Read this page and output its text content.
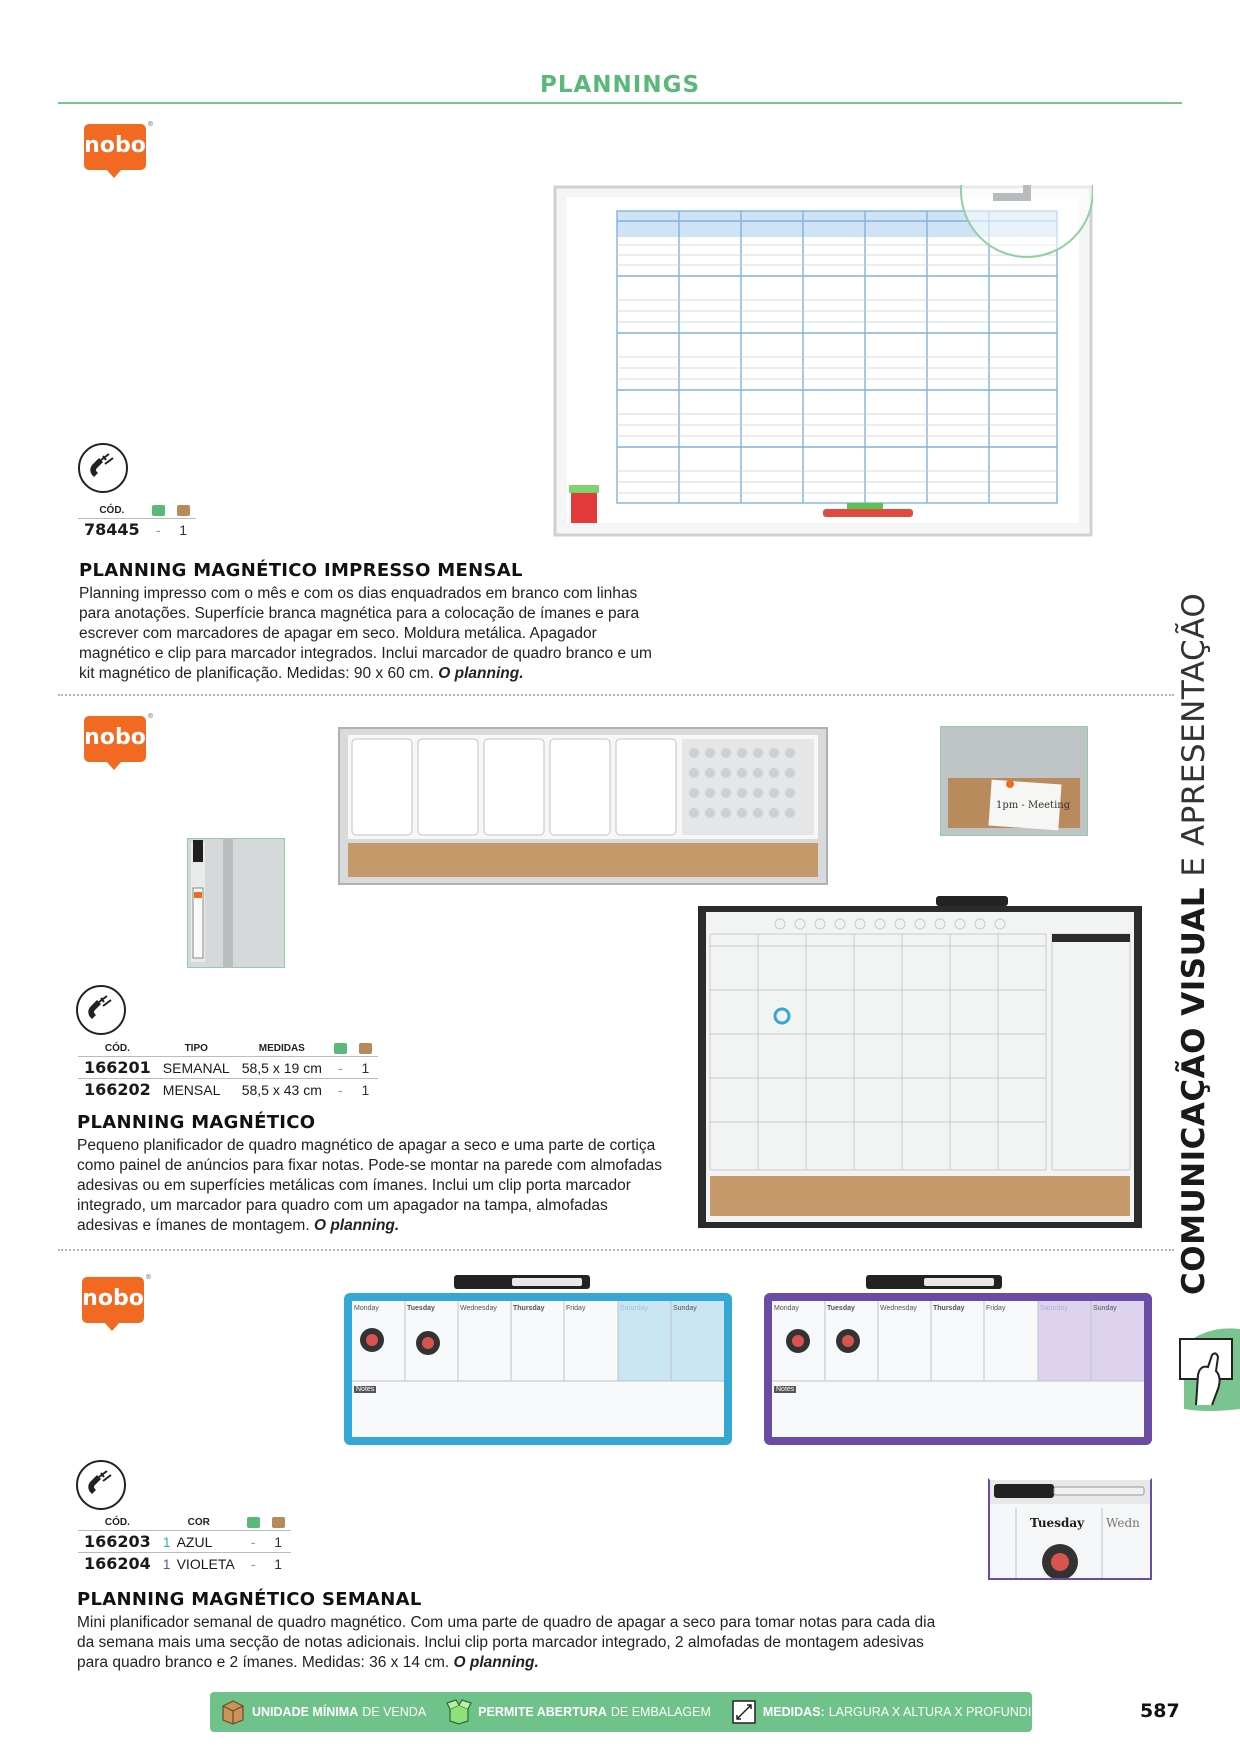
PLANNINGS
nobo
®
CÓD.		
78445	-	1
PLANNING MAGNÉTICO IMPRESSO MENSAL
Planning impresso com o mês e com os dias enquadrados em branco com linhas para anotações. Superfície branca magnética para a colocação de ímanes e para escrever com marcadores de apagar em seco. Moldura metálica. Apagador magnético e clip para marcador integrados. Inclui marcador de quadro branco e um kit magnético de planificação. Medidas: 90 x 60 cm. O planning.
nobo
®
1pm - Meeting
CÓD.	TIPO	MEDIDAS		
166201	SEMANAL	58,5 x 19 cm	-	1
166202	MENSAL	58,5 x 43 cm	-	1
PLANNING MAGNÉTICO
Pequeno planificador de quadro magnético de apagar a seco e uma parte de cortiça como painel de anúncios para fixar notas. Pode-se montar na parede com almofadas adesivas ou em superfícies metálicas com ímanes. Inclui um clip porta marcador integrado, um marcador para quadro com um apagador na tampa, almofadas adesivas e ímanes de montagem. O planning.
nobo
®
Monday	Tuesday	Wednesday	Thursday	Friday	Saturday	Sunday
Notes
Monday	Tuesday	Wednesday	Thursday	Friday	Saturday	Sunday
Notes
Tuesday Wedn
CÓD.	COR			
166203	1	AZUL	-	1
166204	1	VIOLETA	-	1
PLANNING MAGNÉTICO SEMANAL
Mini planificador semanal de quadro magnético. Com uma parte de quadro de apagar a seco para tomar notas para cada dia da semana mais uma secção de notas adicionais. Inclui clip porta marcador integrado, 2 almofadas de montagem adesivas para quadro branco e 2 ímanes. Medidas: 36 x 14 cm. O planning.
COMUNICAÇÃO VISUAL E APRESENTAÇÃO
UNIDADE MÍNIMA DE VENDA	PERMITE ABERTURA DE EMBALAGEM	MEDIDAS: LARGURA X ALTURA X PROFUNDIDADE	587
